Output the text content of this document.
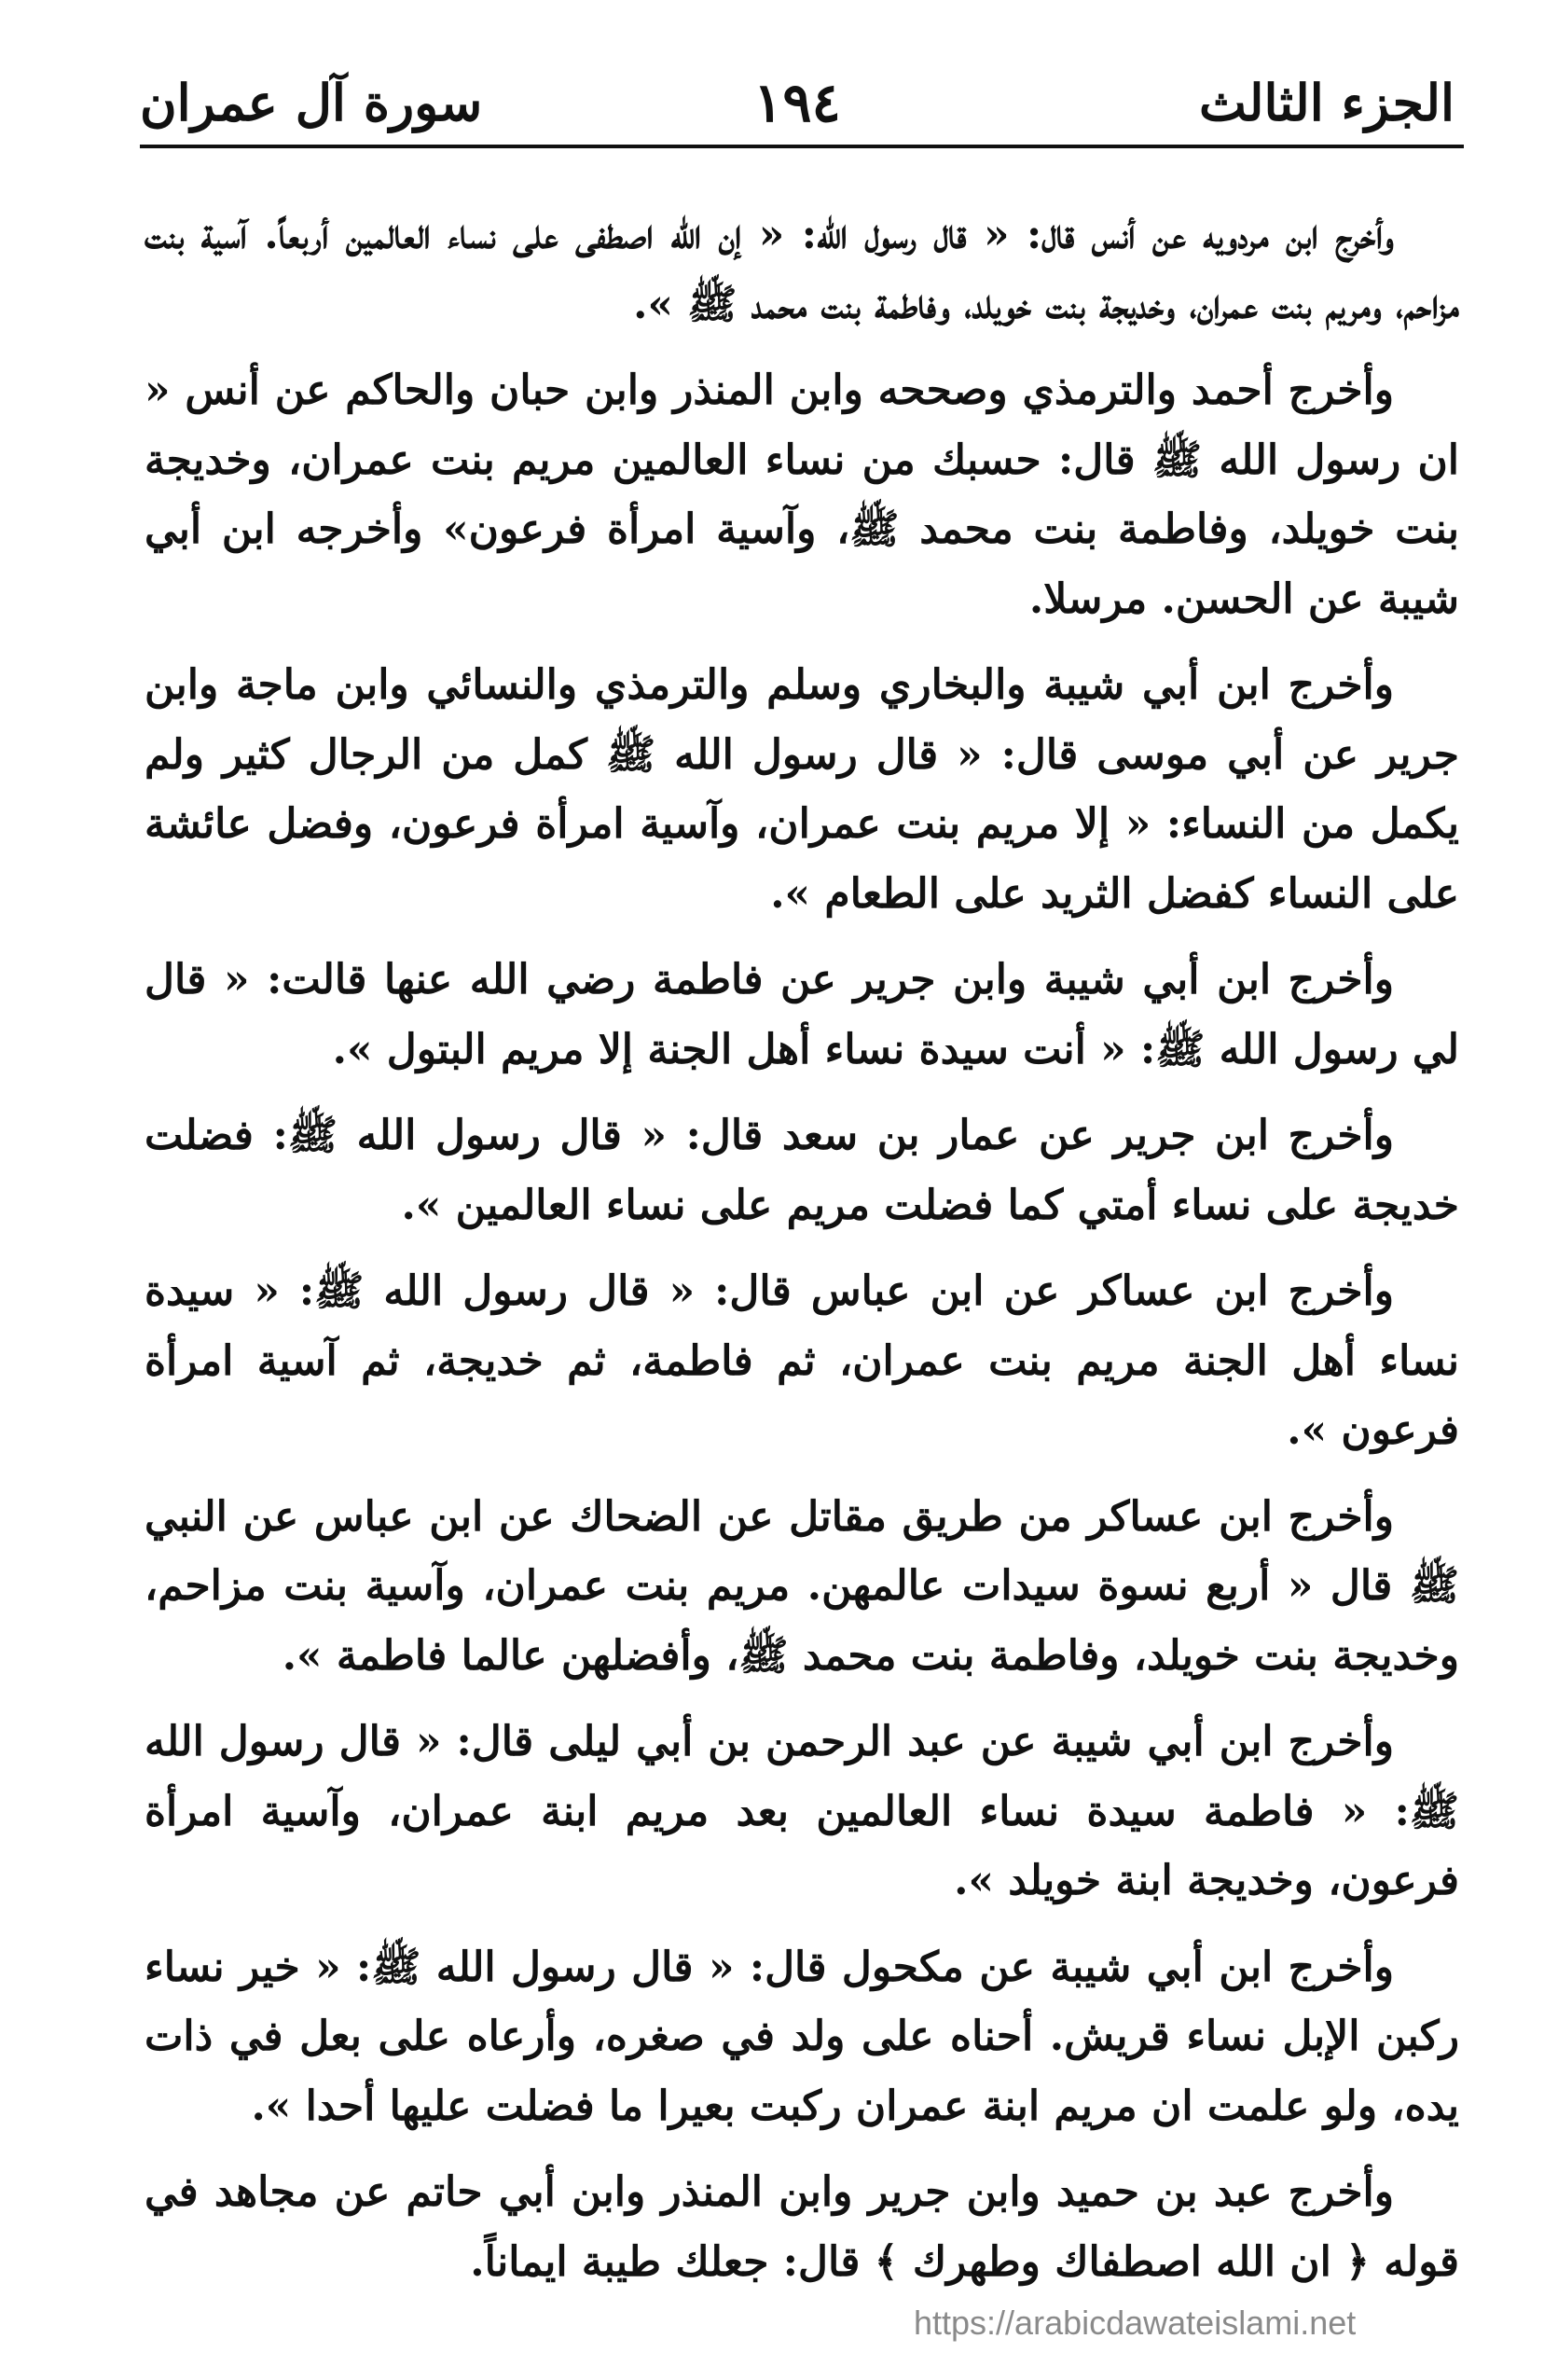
الجزء الثالث
١٩٤
سورة آل عمران

وأخرج ابن مردويه عن أنس قال: « قال رسول الله: « إن الله اصطفى على نساء العالمين أربعاً. آسية بنت مزاحم، ومريم بنت عمران، وخديجة بنت خويلد، وفاطمة بنت محمد ﷺ ».

وأخرج أحمد والترمذي وصححه وابن المنذر وابن حبان والحاكم عن أنس « ان رسول الله ﷺ قال: حسبك من نساء العالمين مريم بنت عمران، وخديجة بنت خويلد، وفاطمة بنت محمد ﷺ، وآسية امرأة فرعون» وأخرجه ابن أبي شيبة عن الحسن. مرسلا.

وأخرج ابن أبي شيبة والبخاري وسلم والترمذي والنسائي وابن ماجة وابن جرير عن أبي موسى قال: « قال رسول الله ﷺ كمل من الرجال كثير ولم يكمل من النساء: « إلا مريم بنت عمران، وآسية امرأة فرعون، وفضل عائشة على النساء كفضل الثريد على الطعام ».

وأخرج ابن أبي شيبة وابن جرير عن فاطمة رضي الله عنها قالت: « قال لي رسول الله ﷺ: « أنت سيدة نساء أهل الجنة إلا مريم البتول ».

وأخرج ابن جرير عن عمار بن سعد قال: « قال رسول الله ﷺ: فضلت خديجة على نساء أمتي كما فضلت مريم على نساء العالمين ».

وأخرج ابن عساكر عن ابن عباس قال: « قال رسول الله ﷺ: « سيدة نساء أهل الجنة مريم بنت عمران، ثم فاطمة، ثم خديجة، ثم آسية امرأة فرعون ».

وأخرج ابن عساكر من طريق مقاتل عن الضحاك عن ابن عباس عن النبي ﷺ قال « أربع نسوة سيدات عالمهن. مريم بنت عمران، وآسية بنت مزاحم، وخديجة بنت خويلد، وفاطمة بنت محمد ﷺ، وأفضلهن عالما فاطمة ».

وأخرج ابن أبي شيبة عن عبد الرحمن بن أبي ليلى قال: « قال رسول الله ﷺ: « فاطمة سيدة نساء العالمين بعد مريم ابنة عمران، وآسية امرأة فرعون، وخديجة ابنة خويلد ».

وأخرج ابن أبي شيبة عن مكحول قال: « قال رسول الله ﷺ: « خير نساء ركبن الإبل نساء قريش. أحناه على ولد في صغره، وأرعاه على بعل في ذات يده، ولو علمت ان مريم ابنة عمران ركبت بعيرا ما فضلت عليها أحدا ».

وأخرج عبد بن حميد وابن جرير وابن المنذر وابن أبي حاتم عن مجاهد في قوله ﴿ ان الله اصطفاك وطهرك ﴾ قال: جعلك طيبة ايماناً.

https://arabicdawateislami.net
